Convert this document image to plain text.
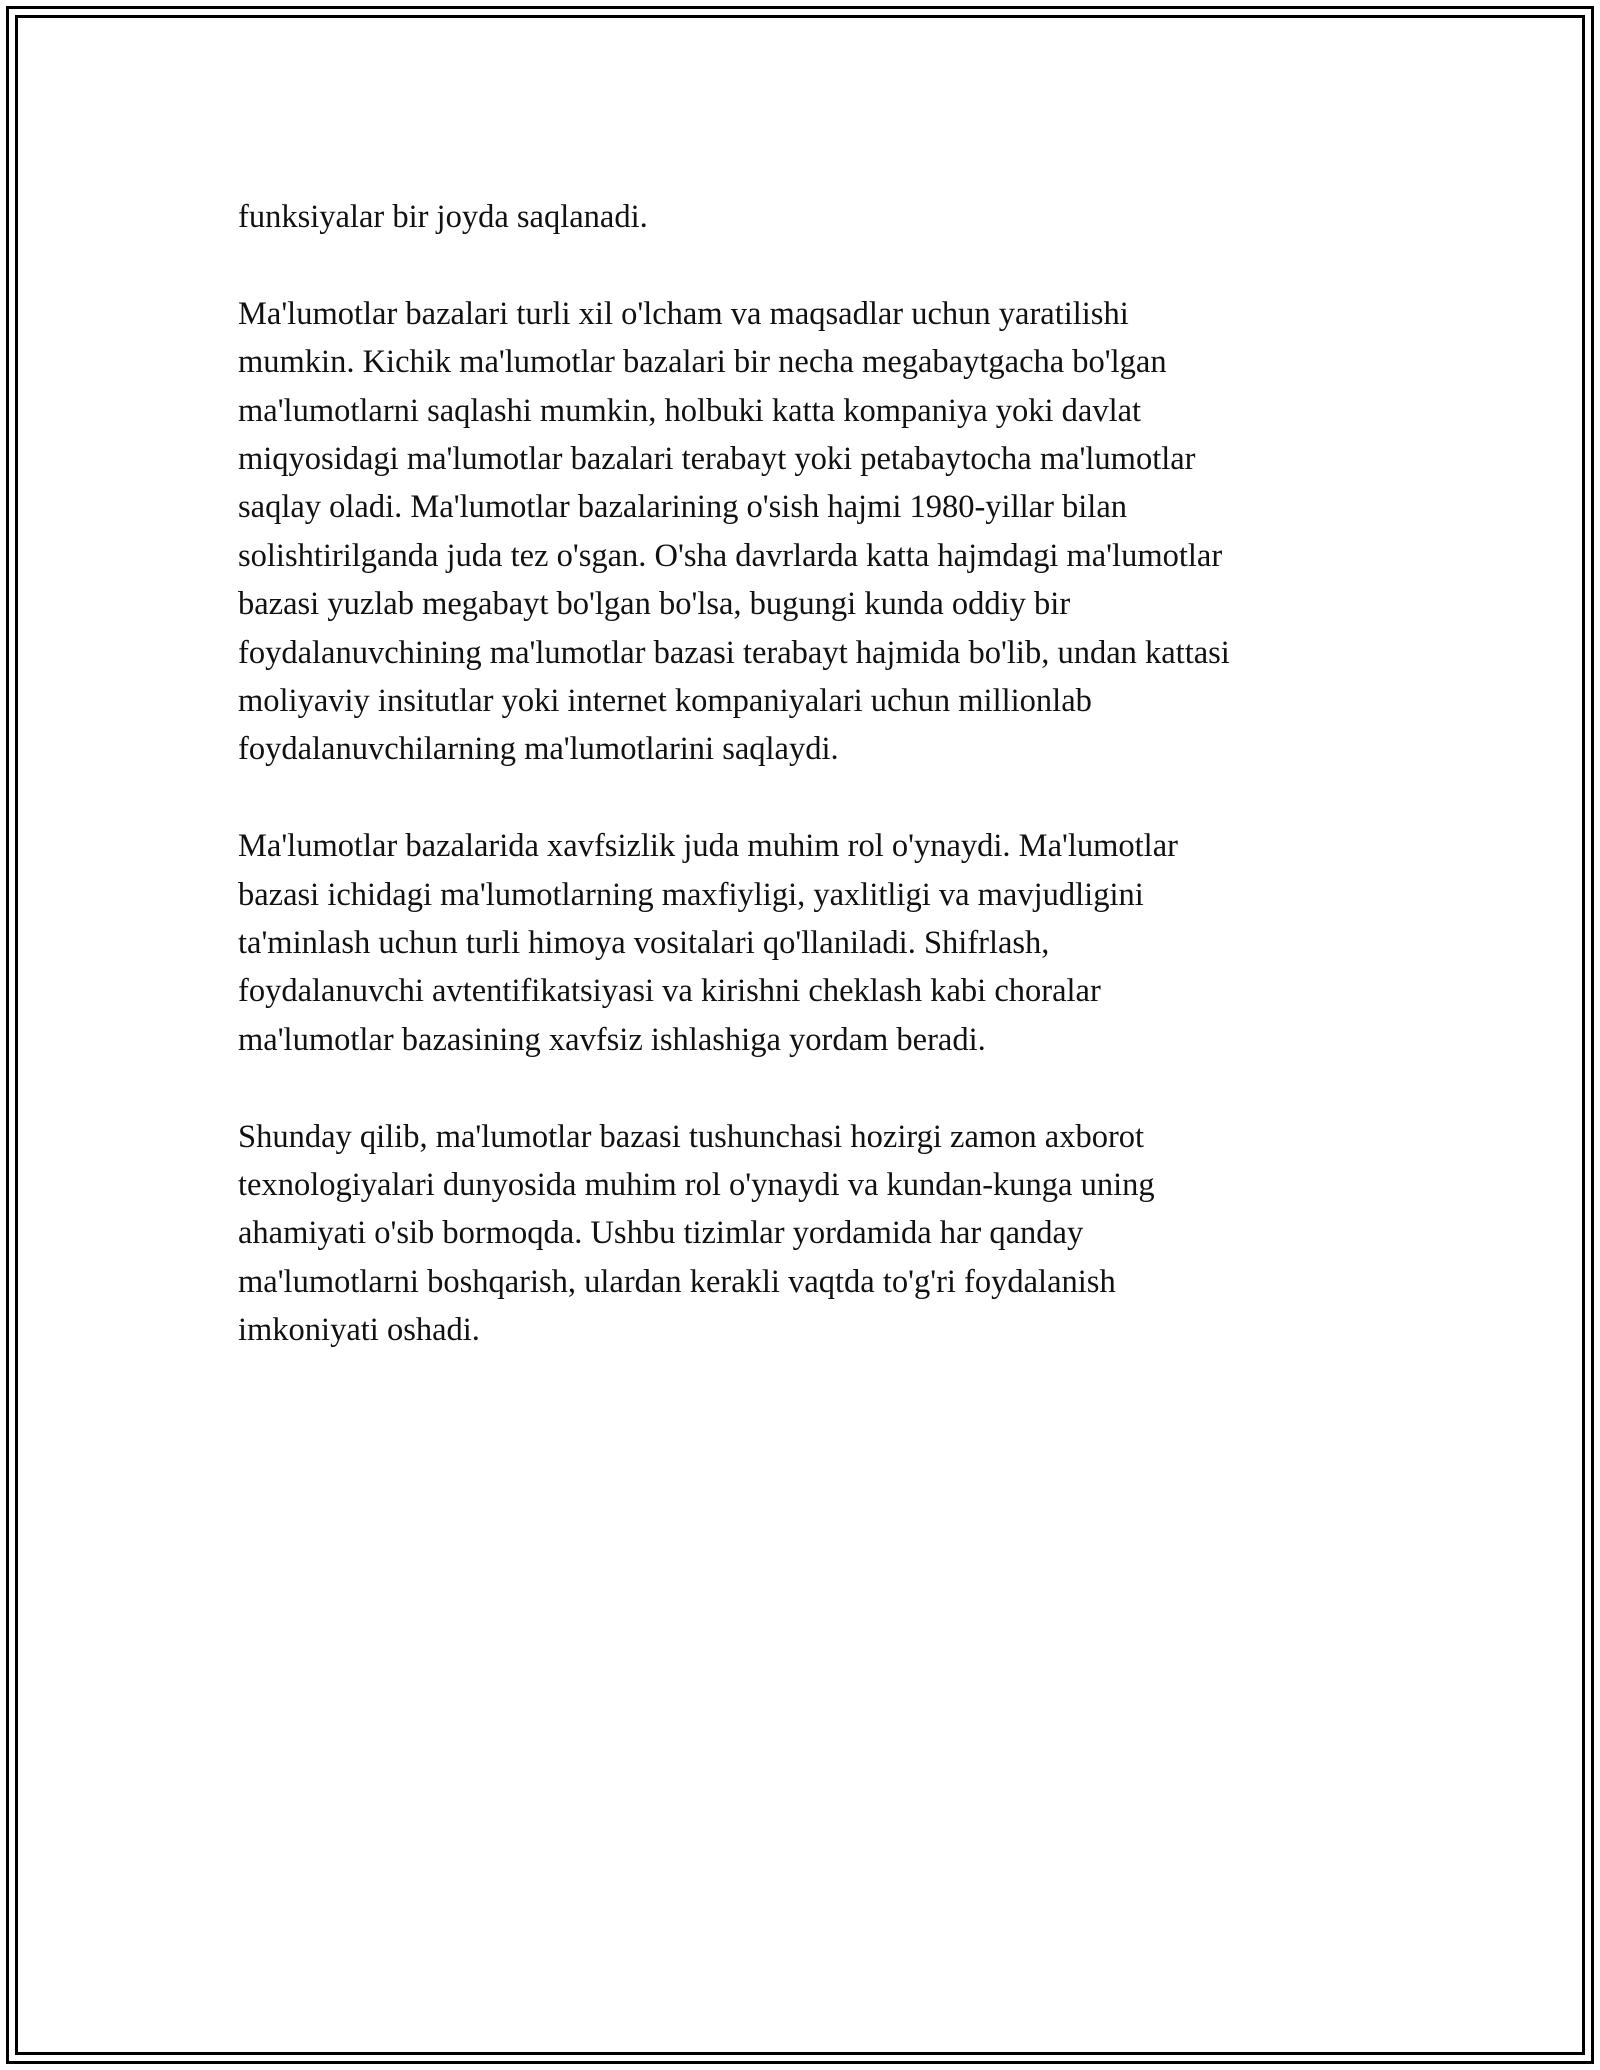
funksiyalar bir joyda saqlanadi.

Ma'lumotlar bazalari turli xil o'lcham va maqsadlar uchun yaratilishi
mumkin. Kichik ma'lumotlar bazalari bir necha megabaytgacha bo'lgan
ma'lumotlarni saqlashi mumkin, holbuki katta kompaniya yoki davlat
miqyosidagi ma'lumotlar bazalari terabayt yoki petabaytocha ma'lumotlar
saqlay oladi. Ma'lumotlar bazalarining o'sish hajmi 1980-yillar bilan
solishtirilganda juda tez o'sgan. O'sha davrlarda katta hajmdagi ma'lumotlar
bazasi yuzlab megabayt bo'lgan bo'lsa, bugungi kunda oddiy bir
foydalanuvchining ma'lumotlar bazasi terabayt hajmida bo'lib, undan kattasi
moliyaviy insitutlar yoki internet kompaniyalari uchun millionlab
foydalanuvchilarning ma'lumotlarini saqlaydi.

Ma'lumotlar bazalarida xavfsizlik juda muhim rol o'ynaydi. Ma'lumotlar
bazasi ichidagi ma'lumotlarning maxfiyligi, yaxlitligi va mavjudligini
ta'minlash uchun turli himoya vositalari qo'llaniladi. Shifrlash,
foydalanuvchi avtentifikatsiyasi va kirishni cheklash kabi choralar
ma'lumotlar bazasining xavfsiz ishlashiga yordam beradi.

Shunday qilib, ma'lumotlar bazasi tushunchasi hozirgi zamon axborot
texnologiyalari dunyosida muhim rol o'ynaydi va kundan-kunga uning
ahamiyati o'sib bormoqda. Ushbu tizimlar yordamida har qanday
ma'lumotlarni boshqarish, ulardan kerakli vaqtda to'g'ri foydalanish
imkoniyati oshadi.
